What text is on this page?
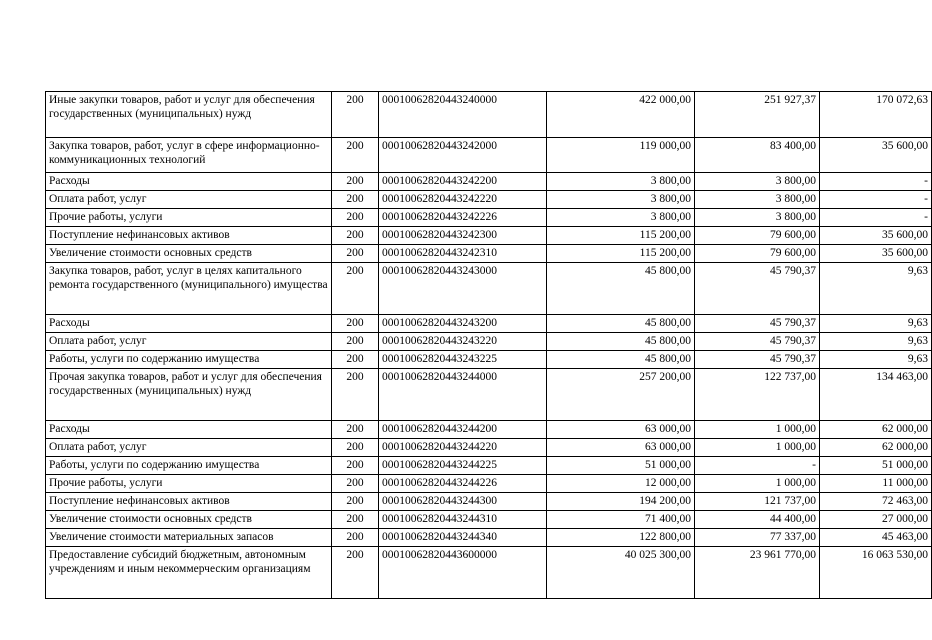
Иные закупки товаров, работ и услуг для обеспечения государственных (муниципальных) нужд	200	00010062820443240000	422 000,00	251 927,37	170 072,63
Закупка товаров, работ, услуг в сфере информационно-коммуникационных технологий	200	00010062820443242000	119 000,00	83 400,00	35 600,00
Расходы	200	00010062820443242200	3 800,00	3 800,00	-
Оплата работ, услуг	200	00010062820443242220	3 800,00	3 800,00	-
Прочие работы, услуги	200	00010062820443242226	3 800,00	3 800,00	-
Поступление нефинансовых активов	200	00010062820443242300	115 200,00	79 600,00	35 600,00
Увеличение стоимости основных средств	200	00010062820443242310	115 200,00	79 600,00	35 600,00
Закупка товаров, работ, услуг в целях капитального ремонта государственного (муниципального) имущества	200	00010062820443243000	45 800,00	45 790,37	9,63
Расходы	200	00010062820443243200	45 800,00	45 790,37	9,63
Оплата работ, услуг	200	00010062820443243220	45 800,00	45 790,37	9,63
Работы, услуги по содержанию имущества	200	00010062820443243225	45 800,00	45 790,37	9,63
Прочая закупка товаров, работ и услуг для обеспечения государственных (муниципальных) нужд	200	00010062820443244000	257 200,00	122 737,00	134 463,00
Расходы	200	00010062820443244200	63 000,00	1 000,00	62 000,00
Оплата работ, услуг	200	00010062820443244220	63 000,00	1 000,00	62 000,00
Работы, услуги по содержанию имущества	200	00010062820443244225	51 000,00	-	51 000,00
Прочие работы, услуги	200	00010062820443244226	12 000,00	1 000,00	11 000,00
Поступление нефинансовых активов	200	00010062820443244300	194 200,00	121 737,00	72 463,00
Увеличение стоимости основных средств	200	00010062820443244310	71 400,00	44 400,00	27 000,00
Увеличение стоимости материальных запасов	200	00010062820443244340	122 800,00	77 337,00	45 463,00
Предоставление субсидий бюджетным, автономным учреждениям и иным некоммерческим организациям	200	00010062820443600000	40 025 300,00	23 961 770,00	16 063 530,00
